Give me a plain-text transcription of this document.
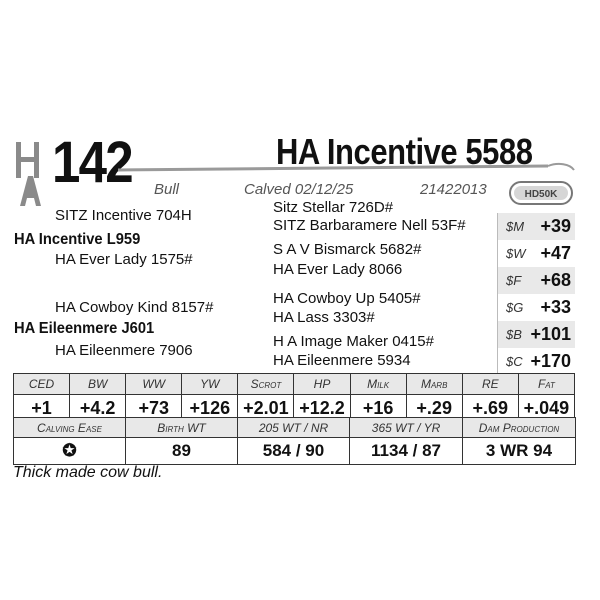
142	HA Incentive 5588
Bull	Calved 02/12/25	21422013	HD50K
SITZ Incentive 704H
HA Incentive L959
HA Ever Lady 1575#
HA Cowboy Kind 8157#
HA Eileenmere J601
HA Eileenmere 7906
Sitz Stellar 726D#
SITZ Barbaramere Nell 53F#
S A V Bismarck 5682#
HA Ever Lady 8066
HA Cowboy Up 5405#
HA Lass 3303#
H A Image Maker 0415#
HA Eileenmere 5934
$M +39
$W +47
$F +68
$G +33
$B +101
$C +170
CED	BW	WW	YW	Scrot	HP	Milk	Marb	RE	Fat
+1	+4.2	+73	+126	+2.01	+12.2	+16	+.29	+.69	+.049
Calving Ease	Birth WT	205 WT / NR	365 WT / YR	Dam Production
✪	89	584 / 90	1134 / 87	3 WR 94
Thick made cow bull.
